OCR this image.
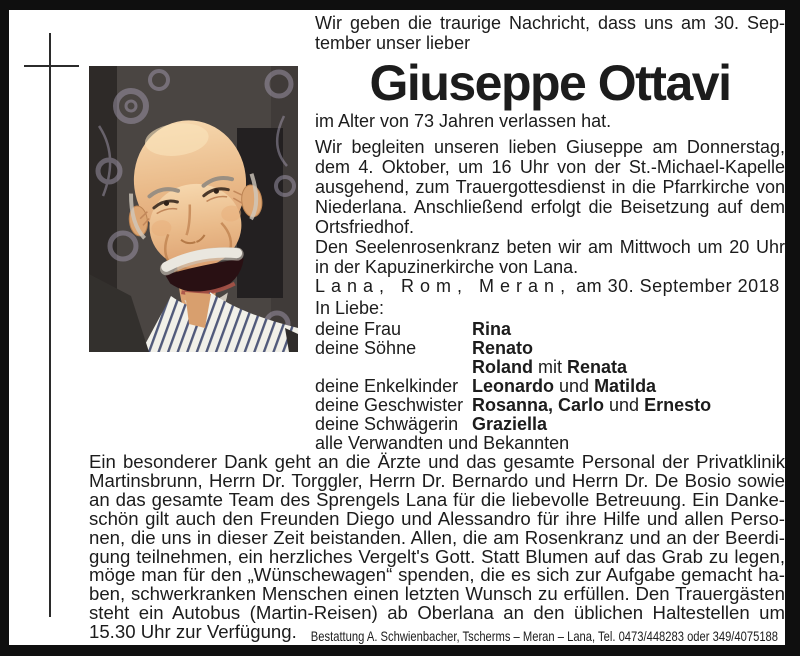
Wir geben die traurige Nachricht, dass uns am 30. September unser lieber

Giuseppe Ottavi

im Alter von 73 Jahren verlassen hat.

Wir begleiten unseren lieben Giuseppe am Donnerstag, dem 4. Oktober, um 16 Uhr von der St.-Michael-Kapelle ausgehend, zum Trauergottesdienst in die Pfarrkirche von Niederlana. Anschließend erfolgt die Beisetzung auf dem Ortsfriedhof.

Den Seelenrosenkranz beten wir am Mittwoch um 20 Uhr in der Kapuzinerkirche von Lana.

Lana, Rom, Meran, am 30. September 2018

In Liebe:

deine Frau	Rina
deine Söhne	Renato
Roland mit Renata
deine Enkelkinder Leonardo und Matilda
deine Geschwister Rosanna, Carlo und Ernesto
deine Schwägerin Graziella

alle Verwandten und Bekannten

Ein besonderer Dank geht an die Ärzte und das gesamte Personal der Privatklinik Martinsbrunn, Herrn Dr. Torggler, Herrn Dr. Bernardo und Herrn Dr. De Bosio sowie an das gesamte Team des Sprengels Lana für die liebevolle Betreuung. Ein Dankeschön gilt auch den Freunden Diego und Alessandro für ihre Hilfe und allen Personen, die uns in dieser Zeit beistanden. Allen, die am Rosenkranz und an der Beerdigung teilnehmen, ein herzliches Vergelt's Gott. Statt Blumen auf das Grab zu legen, möge man für den „Wünschewagen“ spenden, die es sich zur Aufgabe gemacht haben, schwerkranken Menschen einen letzten Wunsch zu erfüllen. Den Trauergästen steht ein Autobus (Martin-Reisen) ab Oberlana an den üblichen Haltestellen um 15.30 Uhr zur Verfügung.	Bestattung A. Schwienbacher, Tscherms – Meran – Lana, Tel. 0473/448283 oder 349/4075188
